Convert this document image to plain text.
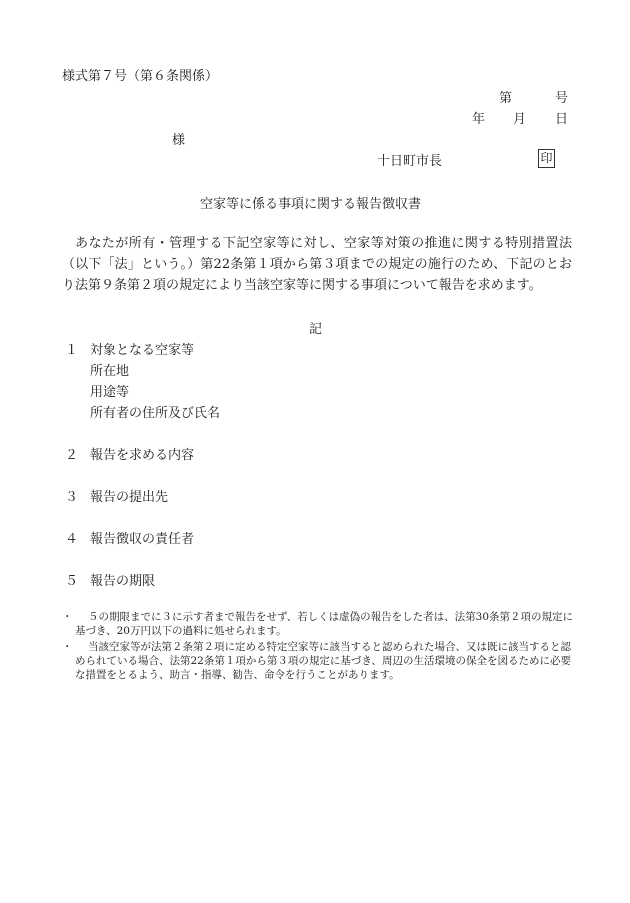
様式第７号（第６条関係）
第	号
年 月 日
様
十日町市長	印
空家等に係る事項に関する報告徴収書
あなたが所有・管理する下記空家等に対し、空家等対策の推進に関する特別措置法（以下「法」という。）第22条第１項から第３項までの規定の施行のため、下記のとおり法第９条第２項の規定により当該空家等に関する事項について報告を求めます。
記
１ 対象となる空家等
所在地
用途等
所有者の住所及び氏名
２ 報告を求める内容
３ 報告の提出先
４ 報告徴収の責任者
５ 報告の期限
・	５の期限までに３に示す者まで報告をせず、若しくは虚偽の報告をした者は、法第30条第２項の規定に基づき、20万円以下の過料に処せられます。
・	当該空家等が法第２条第２項に定める特定空家等に該当すると認められた場合、又は既に該当すると認められている場合、法第22条第１項から第３項の規定に基づき、周辺の生活環境の保全を図るために必要な措置をとるよう、助言・指導、勧告、命令を行うことがあります。
